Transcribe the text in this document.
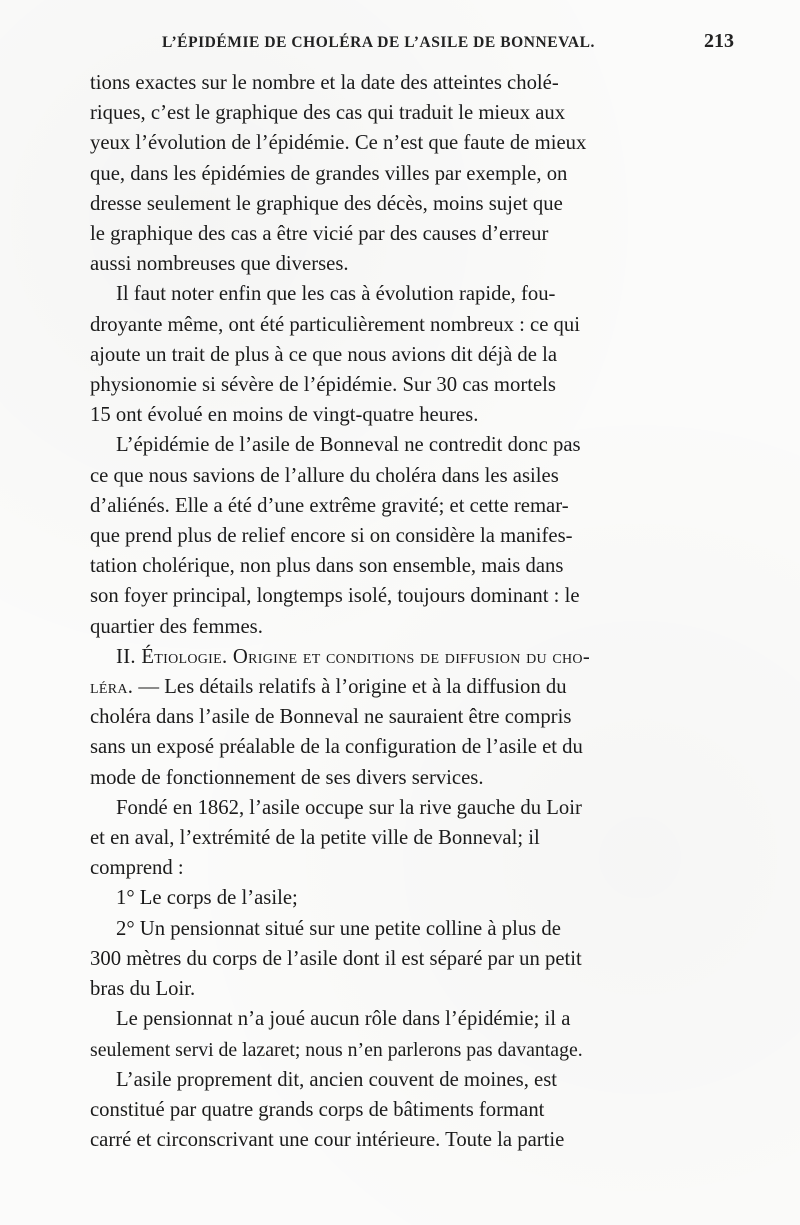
L’ÉPIDÉMIE DE CHOLÉRA DE L’ASILE DE BONNEVAL.	213

tions exactes sur le nombre et la date des atteintes cholé-
riques, c’est le graphique des cas qui traduit le mieux aux
yeux l’évolution de l’épidémie. Ce n’est que faute de mieux
que, dans les épidémies de grandes villes par exemple, on
dresse seulement le graphique des décès, moins sujet que
le graphique des cas a être vicié par des causes d’erreur
aussi nombreuses que diverses.

Il faut noter enfin que les cas à évolution rapide, fou-
droyante même, ont été particulièrement nombreux : ce qui
ajoute un trait de plus à ce que nous avions dit déjà de la
physionomie si sévère de l’épidémie. Sur 30 cas mortels
15 ont évolué en moins de vingt-quatre heures.

L’épidémie de l’asile de Bonneval ne contredit donc pas
ce que nous savions de l’allure du choléra dans les asiles
d’aliénés. Elle a été d’une extrême gravité; et cette remar-
que prend plus de relief encore si on considère la manifes-
tation cholérique, non plus dans son ensemble, mais dans
son foyer principal, longtemps isolé, toujours dominant : le
quartier des femmes.

II. Étiologie. Origine et conditions de diffusion du cho-
léra. — Les détails relatifs à l’origine et à la diffusion du
choléra dans l’asile de Bonneval ne sauraient être compris
sans un exposé préalable de la configuration de l’asile et du
mode de fonctionnement de ses divers services.

Fondé en 1862, l’asile occupe sur la rive gauche du Loir
et en aval, l’extrémité de la petite ville de Bonneval; il
comprend :

1° Le corps de l’asile;

2° Un pensionnat situé sur une petite colline à plus de
300 mètres du corps de l’asile dont il est séparé par un petit
bras du Loir.

Le pensionnat n’a joué aucun rôle dans l’épidémie; il a
seulement servi de lazaret; nous n’en parlerons pas davantage.

L’asile proprement dit, ancien couvent de moines, est
constitué par quatre grands corps de bâtiments formant
carré et circonscrivant une cour intérieure. Toute la partie
